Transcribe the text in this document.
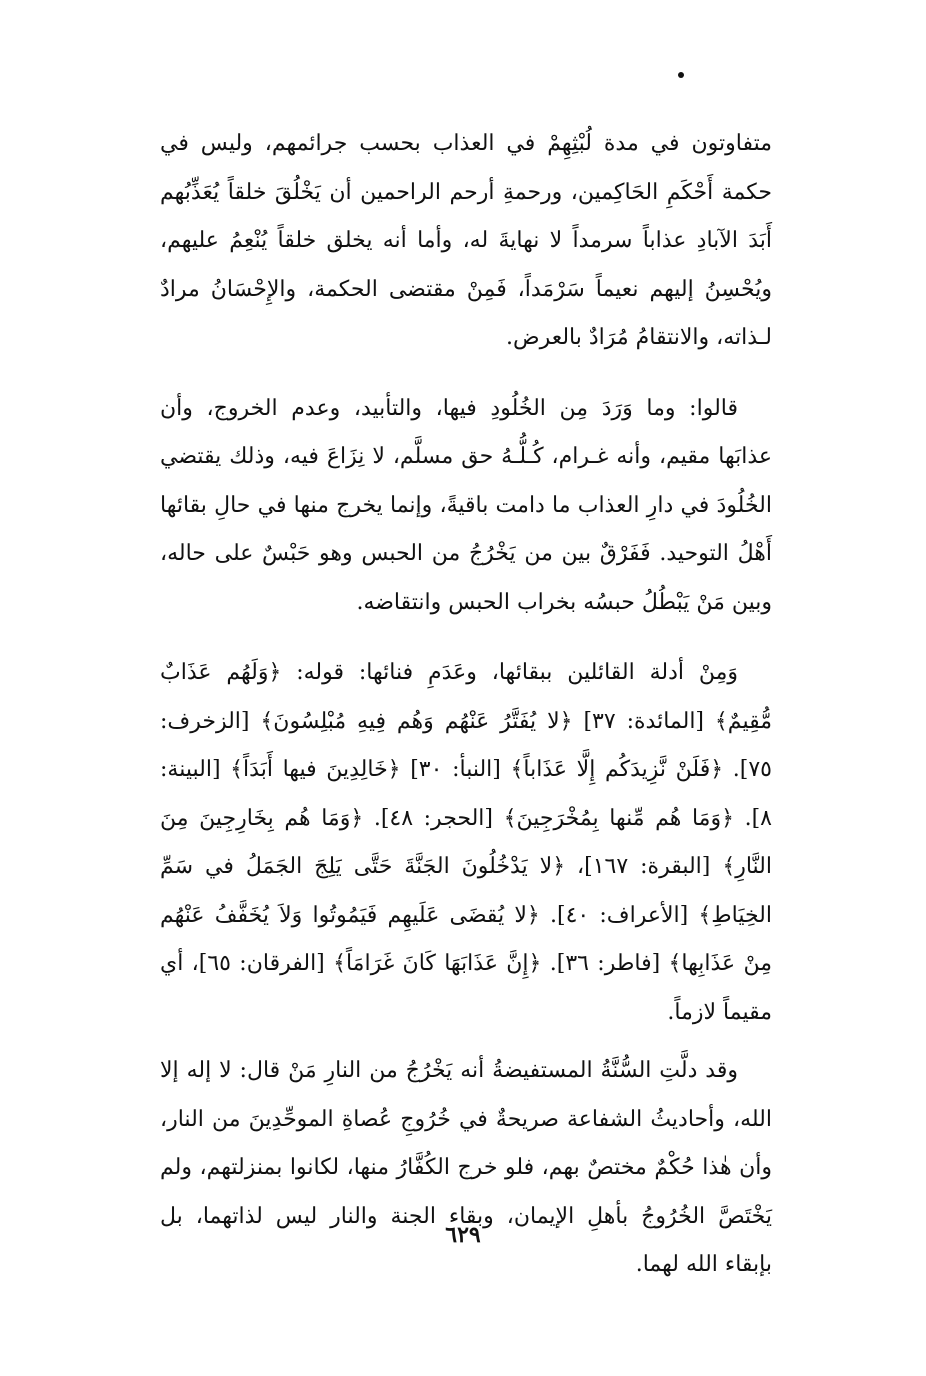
متفاوتون في مدة لُبْثِهِمْ في العذاب بحسب جرائمهم، وليس في حكمة أَحْكَمِ الحَاكِمين، ورحمةِ أرحم الراحمين أن يَخْلُقَ خلقاً يُعَذِّبُهم أَبَدَ الآبادِ عذاباً سرمداً لا نهايةَ له، وأما أنه يخلق خلقاً يُنْعِمُ عليهم، ويُحْسِنُ إليهم نعيماً سَرْمَداً، فَمِنْ مقتضى الحكمة، والإِحْسَانُ مرادٌ لـذاته، والانتقامُ مُرَادٌ بالعرض.

قالوا: وما وَرَدَ مِن الخُلُودِ فيها، والتأبيد، وعدم الخروج، وأن عذابَها مقيم، وأنه غـرام، كُـلُّـهُ حق مسلَّم، لا نِزَاعَ فيه، وذلك يقتضي الخُلُودَ في دارِ العذاب ما دامت باقيةً، وإنما يخرج منها في حالِ بقائها أَهْلُ التوحيد. فَفَرْقٌ بين من يَخْرُجُ من الحبس وهو حَبْسٌ على حاله، وبين مَنْ يَبْطُلُ حبسُه بخراب الحبس وانتقاضه.

وَمِنْ أدلة القائلين ببقائها، وعَدَمِ فنائها: قوله: ﴿وَلَهُم عَذَابٌ مُّقِيمٌ﴾ [المائدة: ٣٧] ﴿لا يُفَتَّرُ عَنْهُم وَهُم فِيهِ مُبْلِسُونَ﴾ [الزخرف: ٧٥]. ﴿فَلَنْ نَّزِيدَكُم إِلَّا عَذَاباً﴾ [النبأ: ٣٠] ﴿خَالِدِينَ فيها أَبَدَاً﴾ [البينة: ٨]. ﴿وَمَا هُم مِّنها بِمُخْرَجِينَ﴾ [الحجر: ٤٨]. ﴿وَمَا هُم بِخَارِجِينَ مِنَ النَّارِ﴾ [البقرة: ١٦٧]، ﴿لا يَدْخُلُونَ الجَنَّةَ حَتَّى يَلِجَ الجَمَلُ في سَمِّ الخِيَاطِ﴾ [الأعراف: ٤٠]. ﴿لا يُقضَى عَلَيهِم فَيَمُوتُوا وَلاَ يُخَفَّفُ عَنْهُم مِنْ عَذَابِها﴾ [فاطر: ٣٦]. ﴿إِنَّ عَذَابَهَا كَانَ غَرَامَاً﴾ [الفرقان: ٦٥]، أي مقيماً لازماً.

وقد دلَّتِ السُّنَّةُ المستفيضةُ أنه يَخْرُجُ من النارِ مَنْ قال: لا إله إلا الله، وأحاديثُ الشفاعة صريحةٌ في خُرُوجِ عُصاةِ الموحِّدِينَ من النار، وأن هٰذا حُكْمٌ مختصٌ بهم، فلو خرج الكُفَّارُ منها، لكانوا بمنزلتهم، ولم يَخْتَصَّ الخُرُوجُ بأهلِ الإيمان، وبقاء الجنة والنار ليس لذاتهما، بل بإبقاء الله لهما.

٦٢٩
